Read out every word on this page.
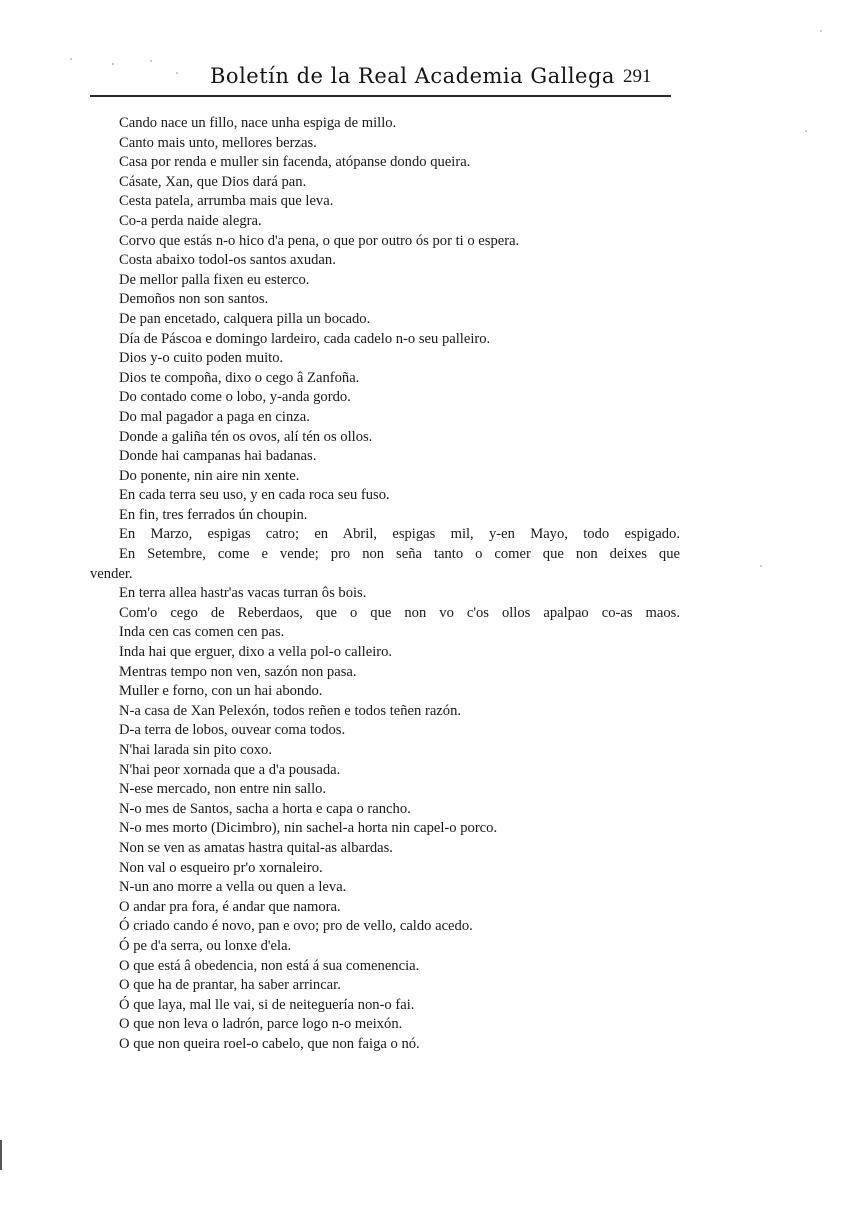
Boletín de la Real Academia Gallega 291
Cando nace un fillo, nace unha espiga de millo.
Canto mais unto, mellores berzas.
Casa por renda e muller sin facenda, atópanse dondo queira.
Cásate, Xan, que Dios dará pan.
Cesta patela, arrumba mais que leva.
Co-a perda naide alegra.
Corvo que estás n-o hico d'a pena, o que por outro ós por ti o espera.
Costa abaixo todol-os santos axudan.
De mellor palla fixen eu esterco.
Demoños non son santos.
De pan encetado, calquera pilla un bocado.
Día de Páscoa e domingo lardeiro, cada cadelo n-o seu palleiro.
Dios y-o cuito poden muito.
Dios te compoña, dixo o cego â Zanfoña.
Do contado come o lobo, y-anda gordo.
Do mal pagador a paga en cinza.
Donde a galiña tén os ovos, alí tén os ollos.
Donde hai campanas hai badanas.
Do ponente, nin aire nin xente.
En cada terra seu uso, y en cada roca seu fuso.
En fin, tres ferrados ún choupin.
En Marzo, espigas catro; en Abril, espigas mil, y-en Mayo, todo espigado.
En Setembre, come e vende; pro non seña tanto o comer que non deixes que
vender.
En terra allea hastr'as vacas turran ôs bois.
Com'o cego de Reberdaos, que o que non vo c'os ollos apalpao co-as maos.
Inda cen cas comen cen pas.
Inda hai que erguer, dixo a vella pol-o calleiro.
Mentras tempo non ven, sazón non pasa.
Muller e forno, con un hai abondo.
N-a casa de Xan Pelexón, todos reñen e todos teñen razón.
D-a terra de lobos, ouvear coma todos.
N'hai larada sin pito coxo.
N'hai peor xornada que a d'a pousada.
N-ese mercado, non entre nin sallo.
N-o mes de Santos, sacha a horta e capa o rancho.
N-o mes morto (Dicimbro), nin sachel-a horta nin capel-o porco.
Non se ven as amatas hastra quital-as albardas.
Non val o esqueiro pr'o xornaleiro.
N-un ano morre a vella ou quen a leva.
O andar pra fora, é andar que namora.
Ó criado cando é novo, pan e ovo; pro de vello, caldo acedo.
Ó pe d'a serra, ou lonxe d'ela.
O que está â obedencia, non está á sua comenencia.
O que ha de prantar, ha saber arrincar.
Ó que laya, mal lle vai, si de neiteguería non-o fai.
O que non leva o ladrón, parce logo n-o meixón.
O que non queira roel-o cabelo, que non faiga o nó.
